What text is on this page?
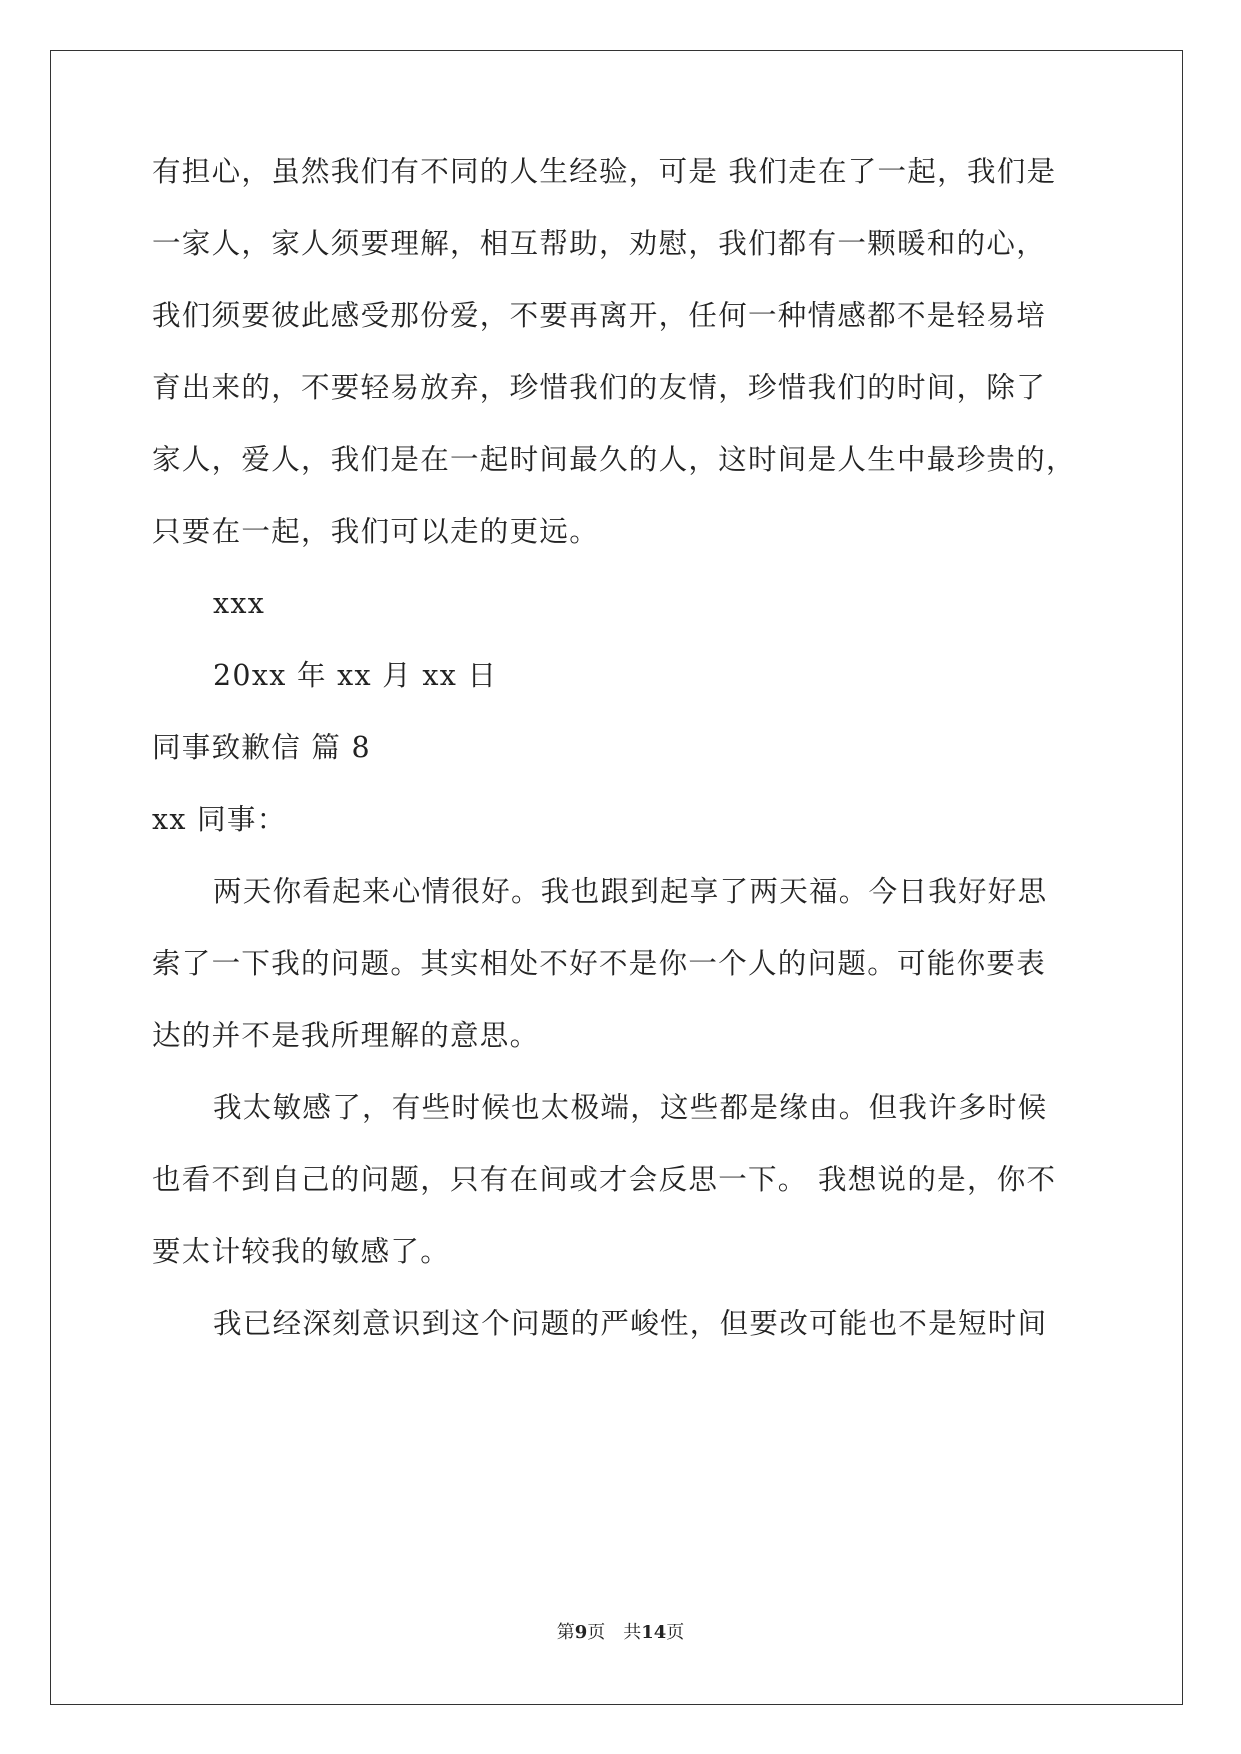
有担心，虽然我们有不同的人生经验，可是 我们走在了一起，我们是
一家人，家人须要理解，相互帮助，劝慰，我们都有一颗暖和的心，
我们须要彼此感受那份爱，不要再离开，任何一种情感都不是轻易培
育出来的，不要轻易放弃，珍惜我们的友情，珍惜我们的时间，除了
家人，爱人，我们是在一起时间最久的人，这时间是人生中最珍贵的，
只要在一起，我们可以走的更远。
xxx
20xx 年 xx 月 xx 日
同事致歉信 篇 8
xx 同事：
两天你看起来心情很好。我也跟到起享了两天福。今日我好好思
索了一下我的问题。其实相处不好不是你一个人的问题。可能你要表
达的并不是我所理解的意思。
我太敏感了，有些时候也太极端，这些都是缘由。但我许多时候
也看不到自己的问题，只有在间或才会反思一下。 我想说的是，你不
要太计较我的敏感了。
我已经深刻意识到这个问题的严峻性，但要改可能也不是短时间
第9页　共14页
